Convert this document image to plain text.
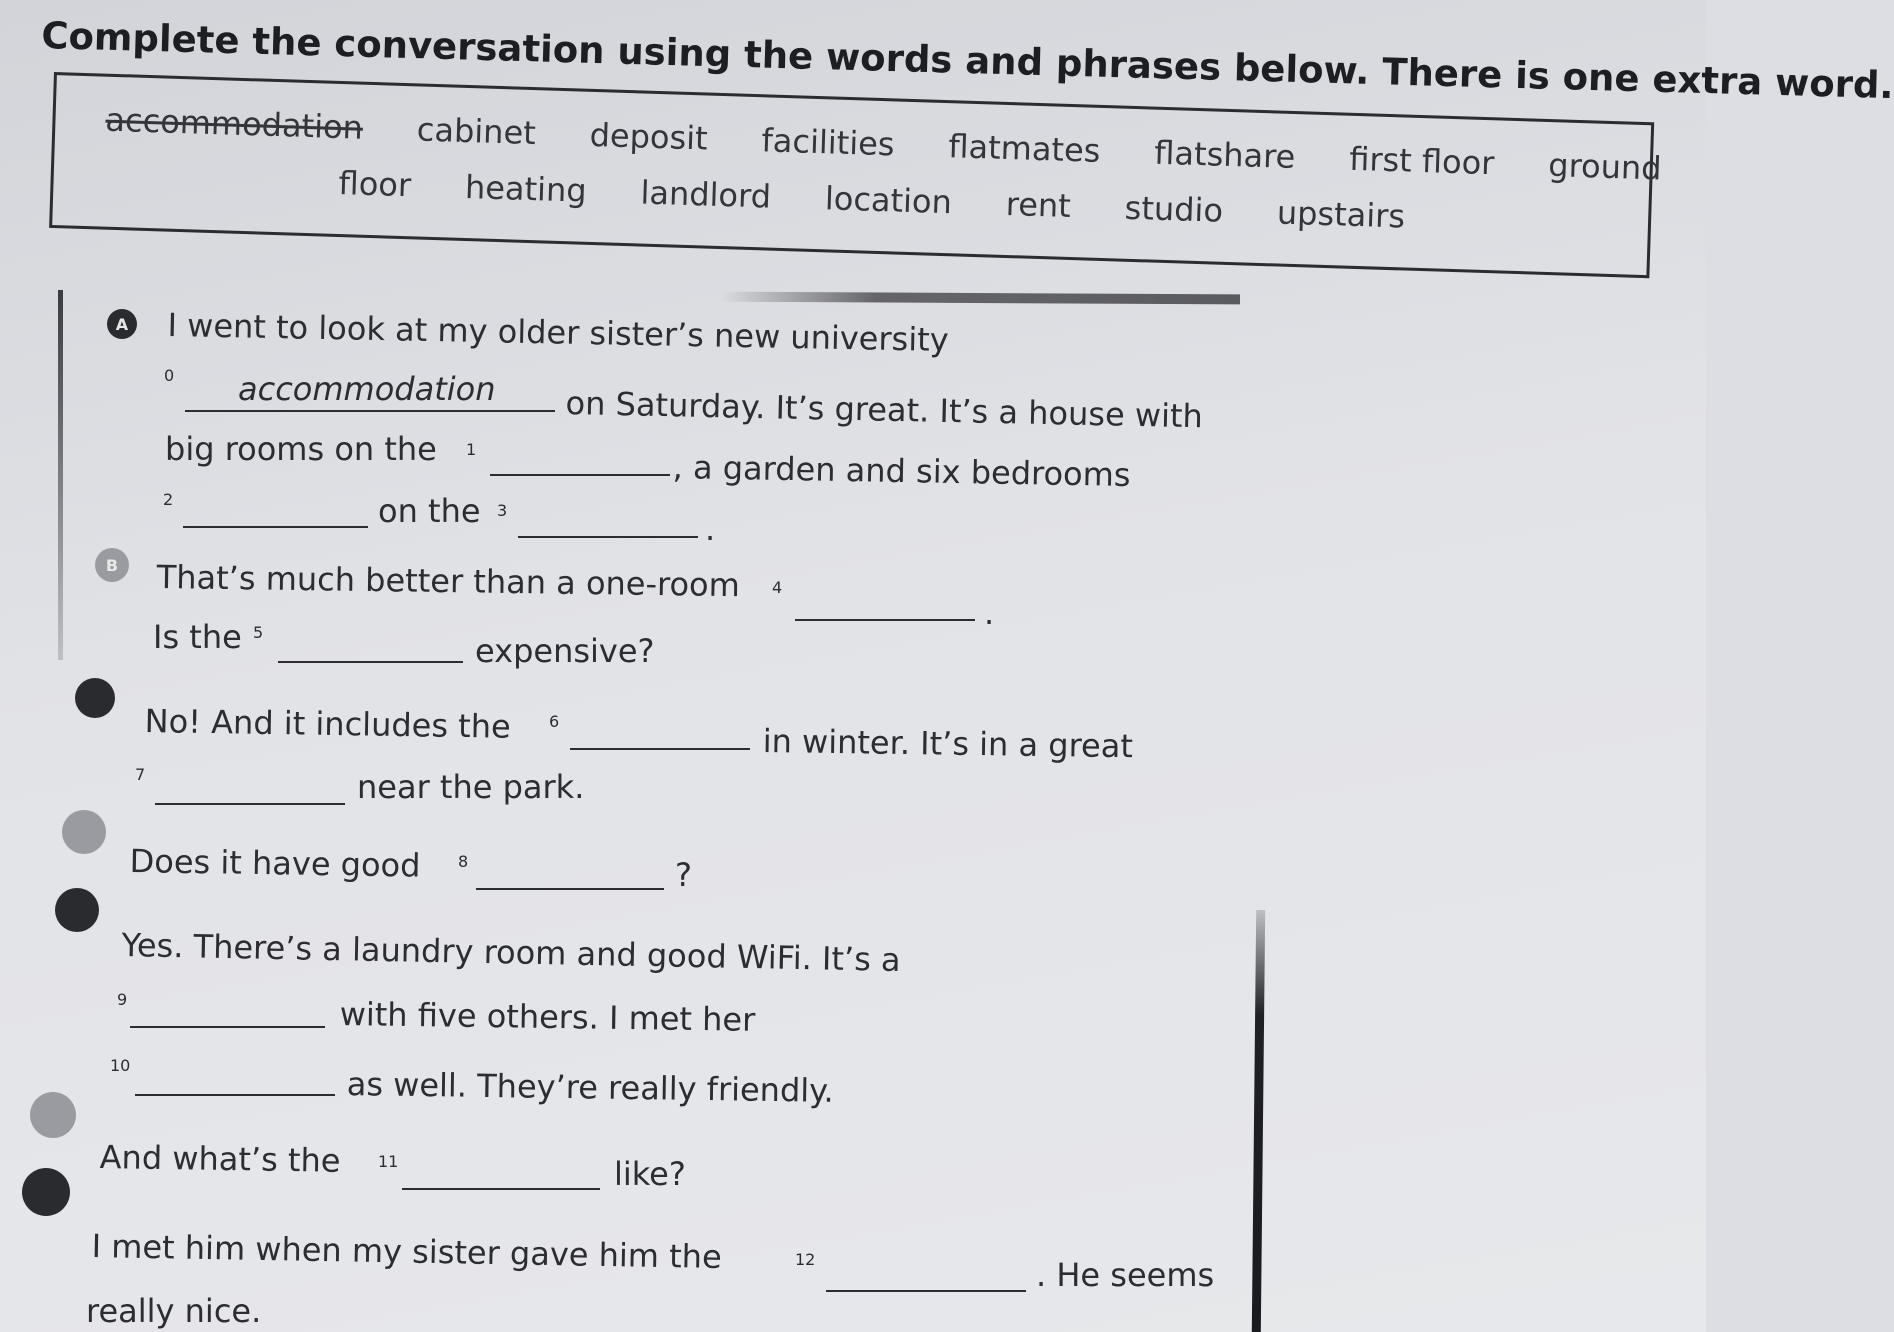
Complete the conversation using the words and phrases below. There is one extra word.
accommodation cabinet deposit facilities flatmates flatshare first floor ground
floor heating landlord location rent studio upstairs
A I went to look at my older sister’s new university
0 accommodation on Saturday. It’s great. It’s a house with
big rooms on the 1	, a garden and six bedrooms
2	on the 3	.
B That’s much better than a one-room 4
.
Is the 5	expensive?
No! And it includes the 6
in winter. It’s in a great
7	near the park.
Does it have good 8	?
Yes. There’s a laundry room and good WiFi. It’s a
9	with five others. I met her
10	as well. They’re really friendly.
And what’s the 11	like?
I met him when my sister gave him the	12	. He seems
really nice.
